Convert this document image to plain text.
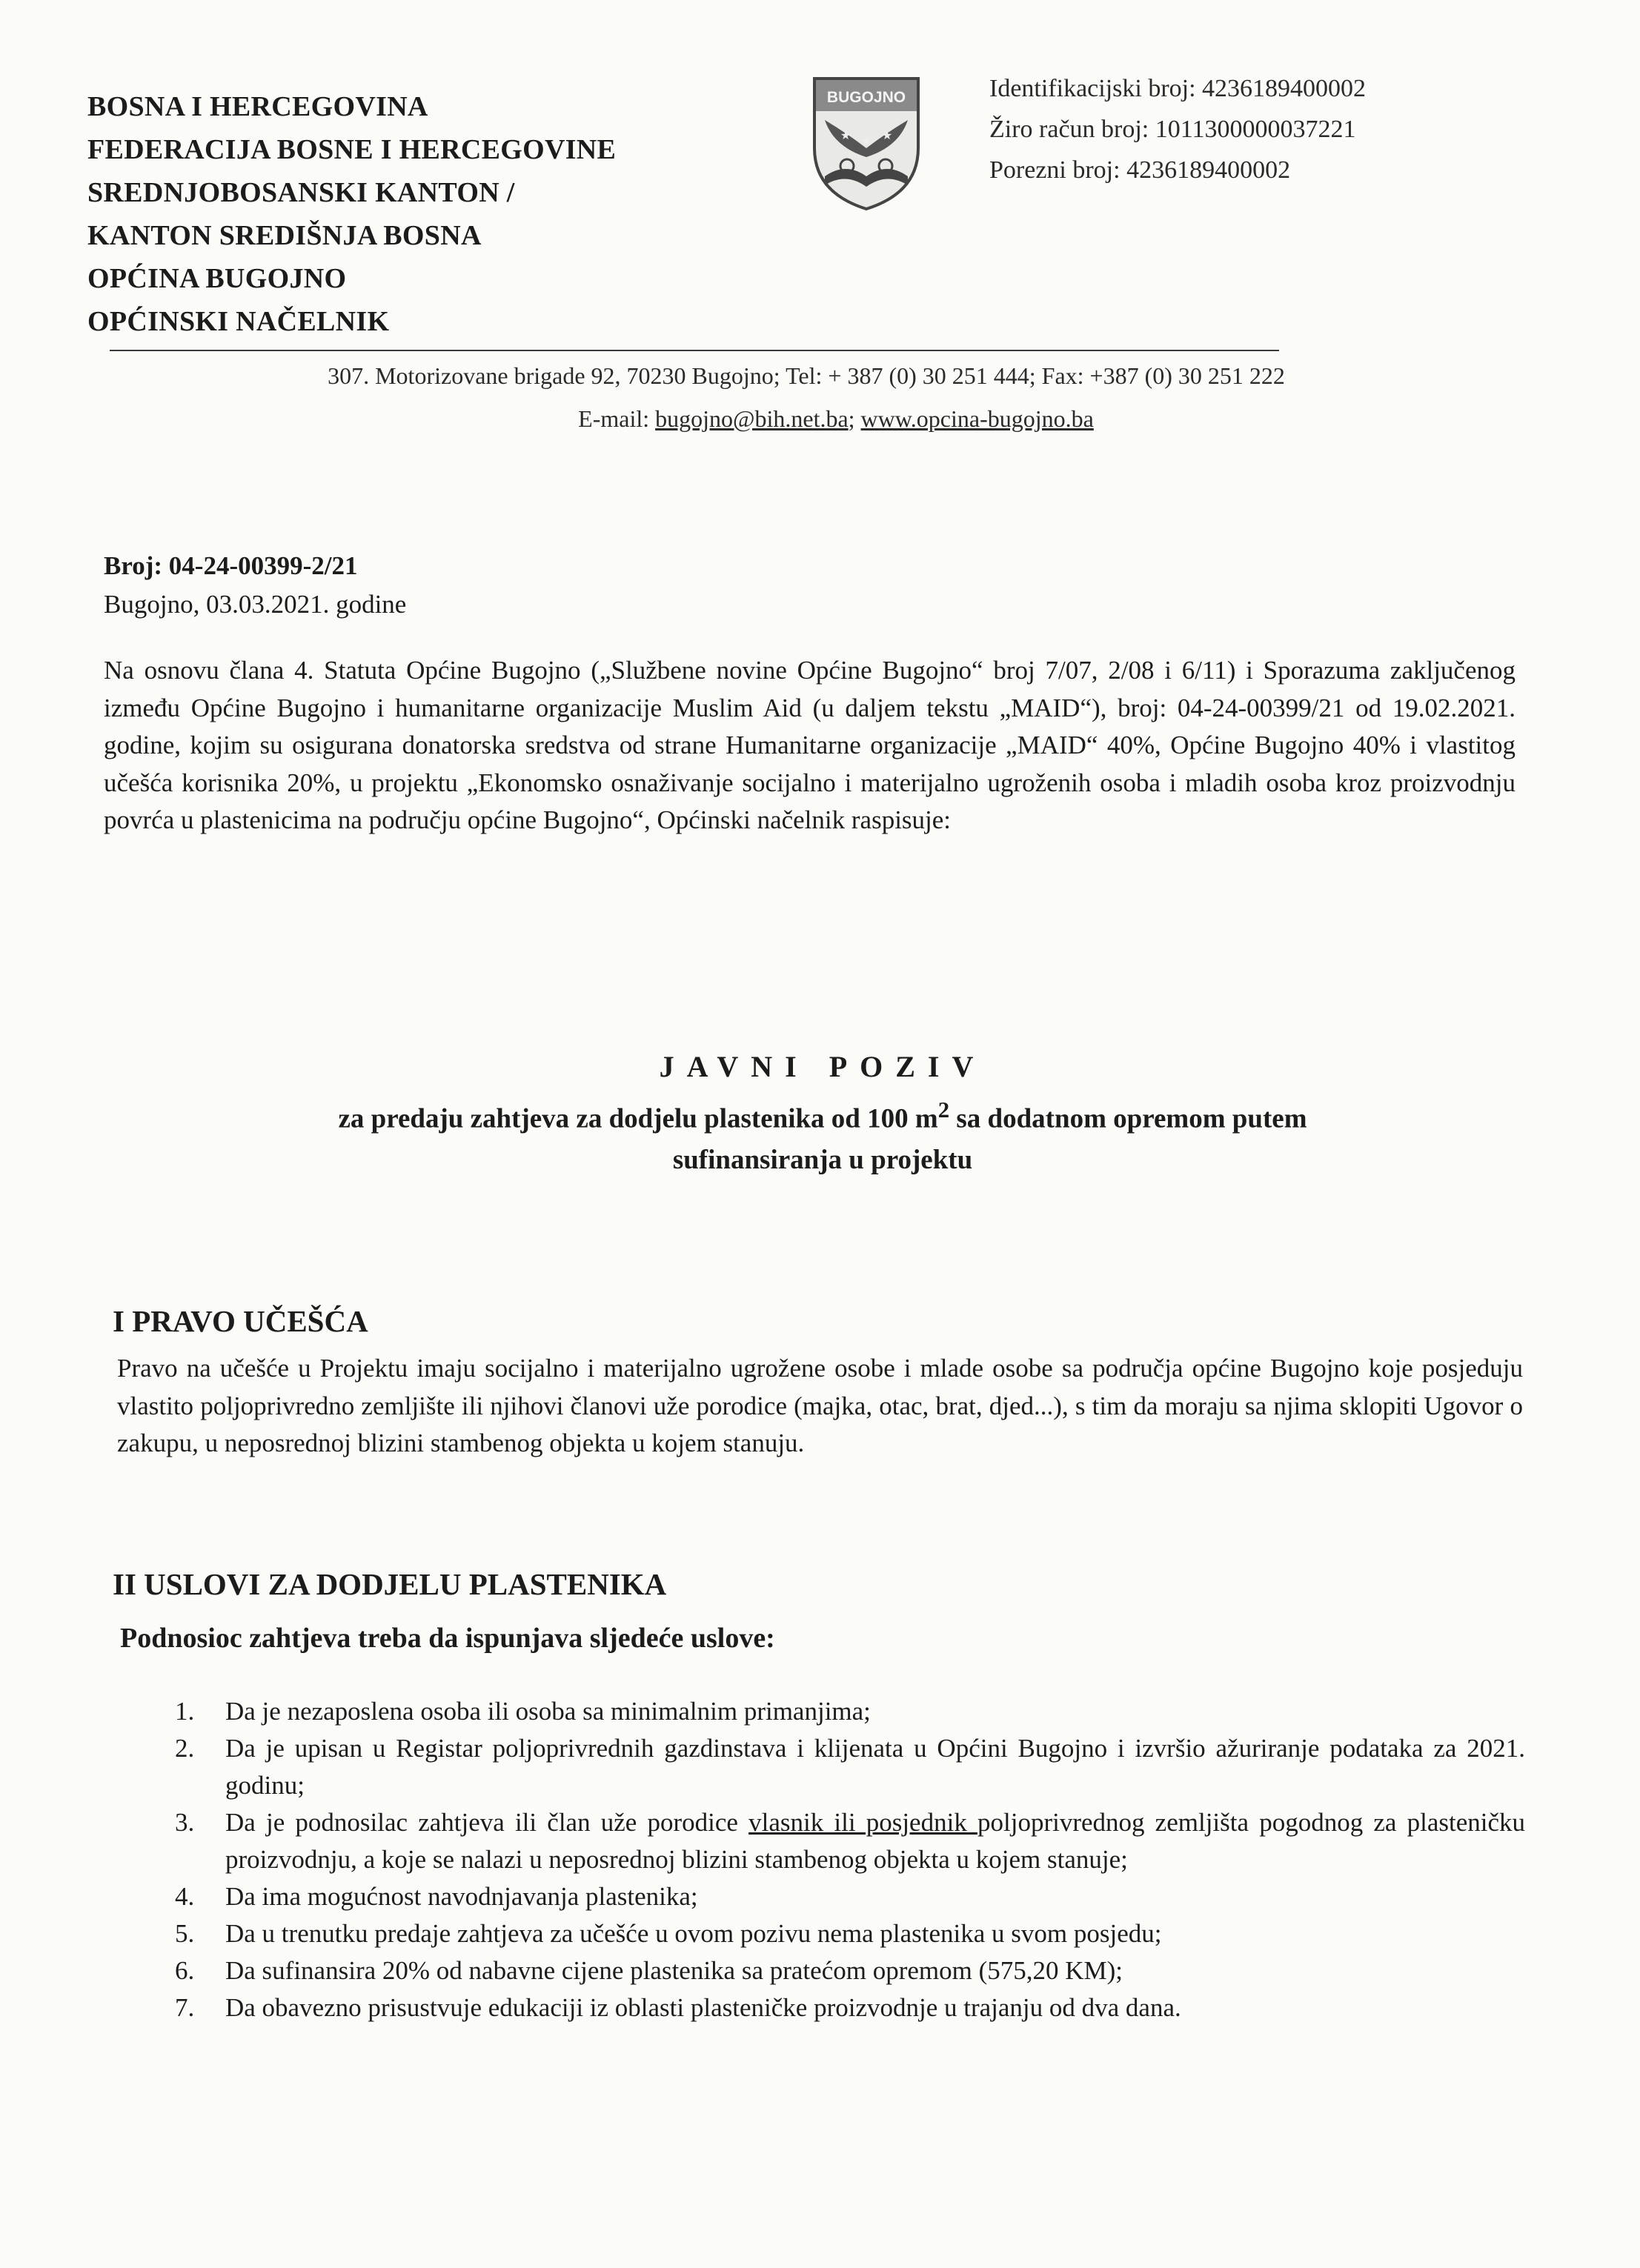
BOSNA I HERCEGOVINA
FEDERACIJA BOSNE I HERCEGOVINE
SREDNJOBOSANSKI KANTON /
KANTON SREDIŠNJA BOSNA
OPĆINA BUGOJNO
OPĆINSKI NAČELNIK
BUGOJNO
★ ★ ★
Identifikacijski broj: 4236189400002
Žiro račun broj: 1011300000037221
Porezni broj: 4236189400002
307. Motorizovane brigade 92, 70230 Bugojno; Tel: + 387 (0) 30 251 444; Fax: +387 (0) 30 251 222
E-mail: bugojno@bih.net.ba; www.opcina-bugojno.ba
Broj: 04-24-00399-2/21
Bugojno, 03.03.2021. godine
Na osnovu člana 4. Statuta Općine Bugojno („Službene novine Općine Bugojno“ broj 7/07, 2/08 i 6/11) i Sporazuma zaključenog između Općine Bugojno i humanitarne organizacije Muslim Aid (u daljem tekstu „MAID“), broj: 04-24-00399/21 od 19.02.2021. godine, kojim su osigurana donatorska sredstva od strane Humanitarne organizacije „MAID“ 40%, Općine Bugojno 40% i vlastitog učešća korisnika 20%, u projektu „Ekonomsko osnaživanje socijalno i materijalno ugroženih osoba i mladih osoba kroz proizvodnju povrća u plastenicima na području općine Bugojno“, Općinski načelnik raspisuje:
JAVNI POZIV
za predaju zahtjeva za dodjelu plastenika od 100 $m^2$ sa dodatnom opremom putem
sufinansiranja u projektu
I PRAVO UČEŠĆA
Pravo na učešće u Projektu imaju socijalno i materijalno ugrožene osobe i mlade osobe sa područja općine Bugojno koje posjeduju vlastito poljoprivredno zemljište ili njihovi članovi uže porodice (majka, otac, brat, djed...), s tim da moraju sa njima sklopiti Ugovor o zakupu, u neposrednoj blizini stambenog objekta u kojem stanuju.
II USLOVI ZA DODJELU PLASTENIKA
Podnosioc zahtjeva treba da ispunjava sljedeće uslove:
1. Da je nezaposlena osoba ili osoba sa minimalnim primanjima;
2. Da je upisan u Registar poljoprivrednih gazdinstava i klijenata u Općini Bugojno i izvršio ažuriranje podataka za 2021. godinu;
3. Da je podnosilac zahtjeva ili član uže porodice vlasnik ili posjednik poljoprivrednog zemljišta pogodnog za plasteničku proizvodnju, a koje se nalazi u neposrednoj blizini stambenog objekta u kojem stanuje;
4. Da ima mogućnost navodnjavanja plastenika;
5. Da u trenutku predaje zahtjeva za učešće u ovom pozivu nema plastenika u svom posjedu;
6. Da sufinansira 20% od nabavne cijene plastenika sa pratećom opremom (575,20 KM);
7. Da obavezno prisustvuje edukaciji iz oblasti plasteničke proizvodnje u trajanju od dva dana.
